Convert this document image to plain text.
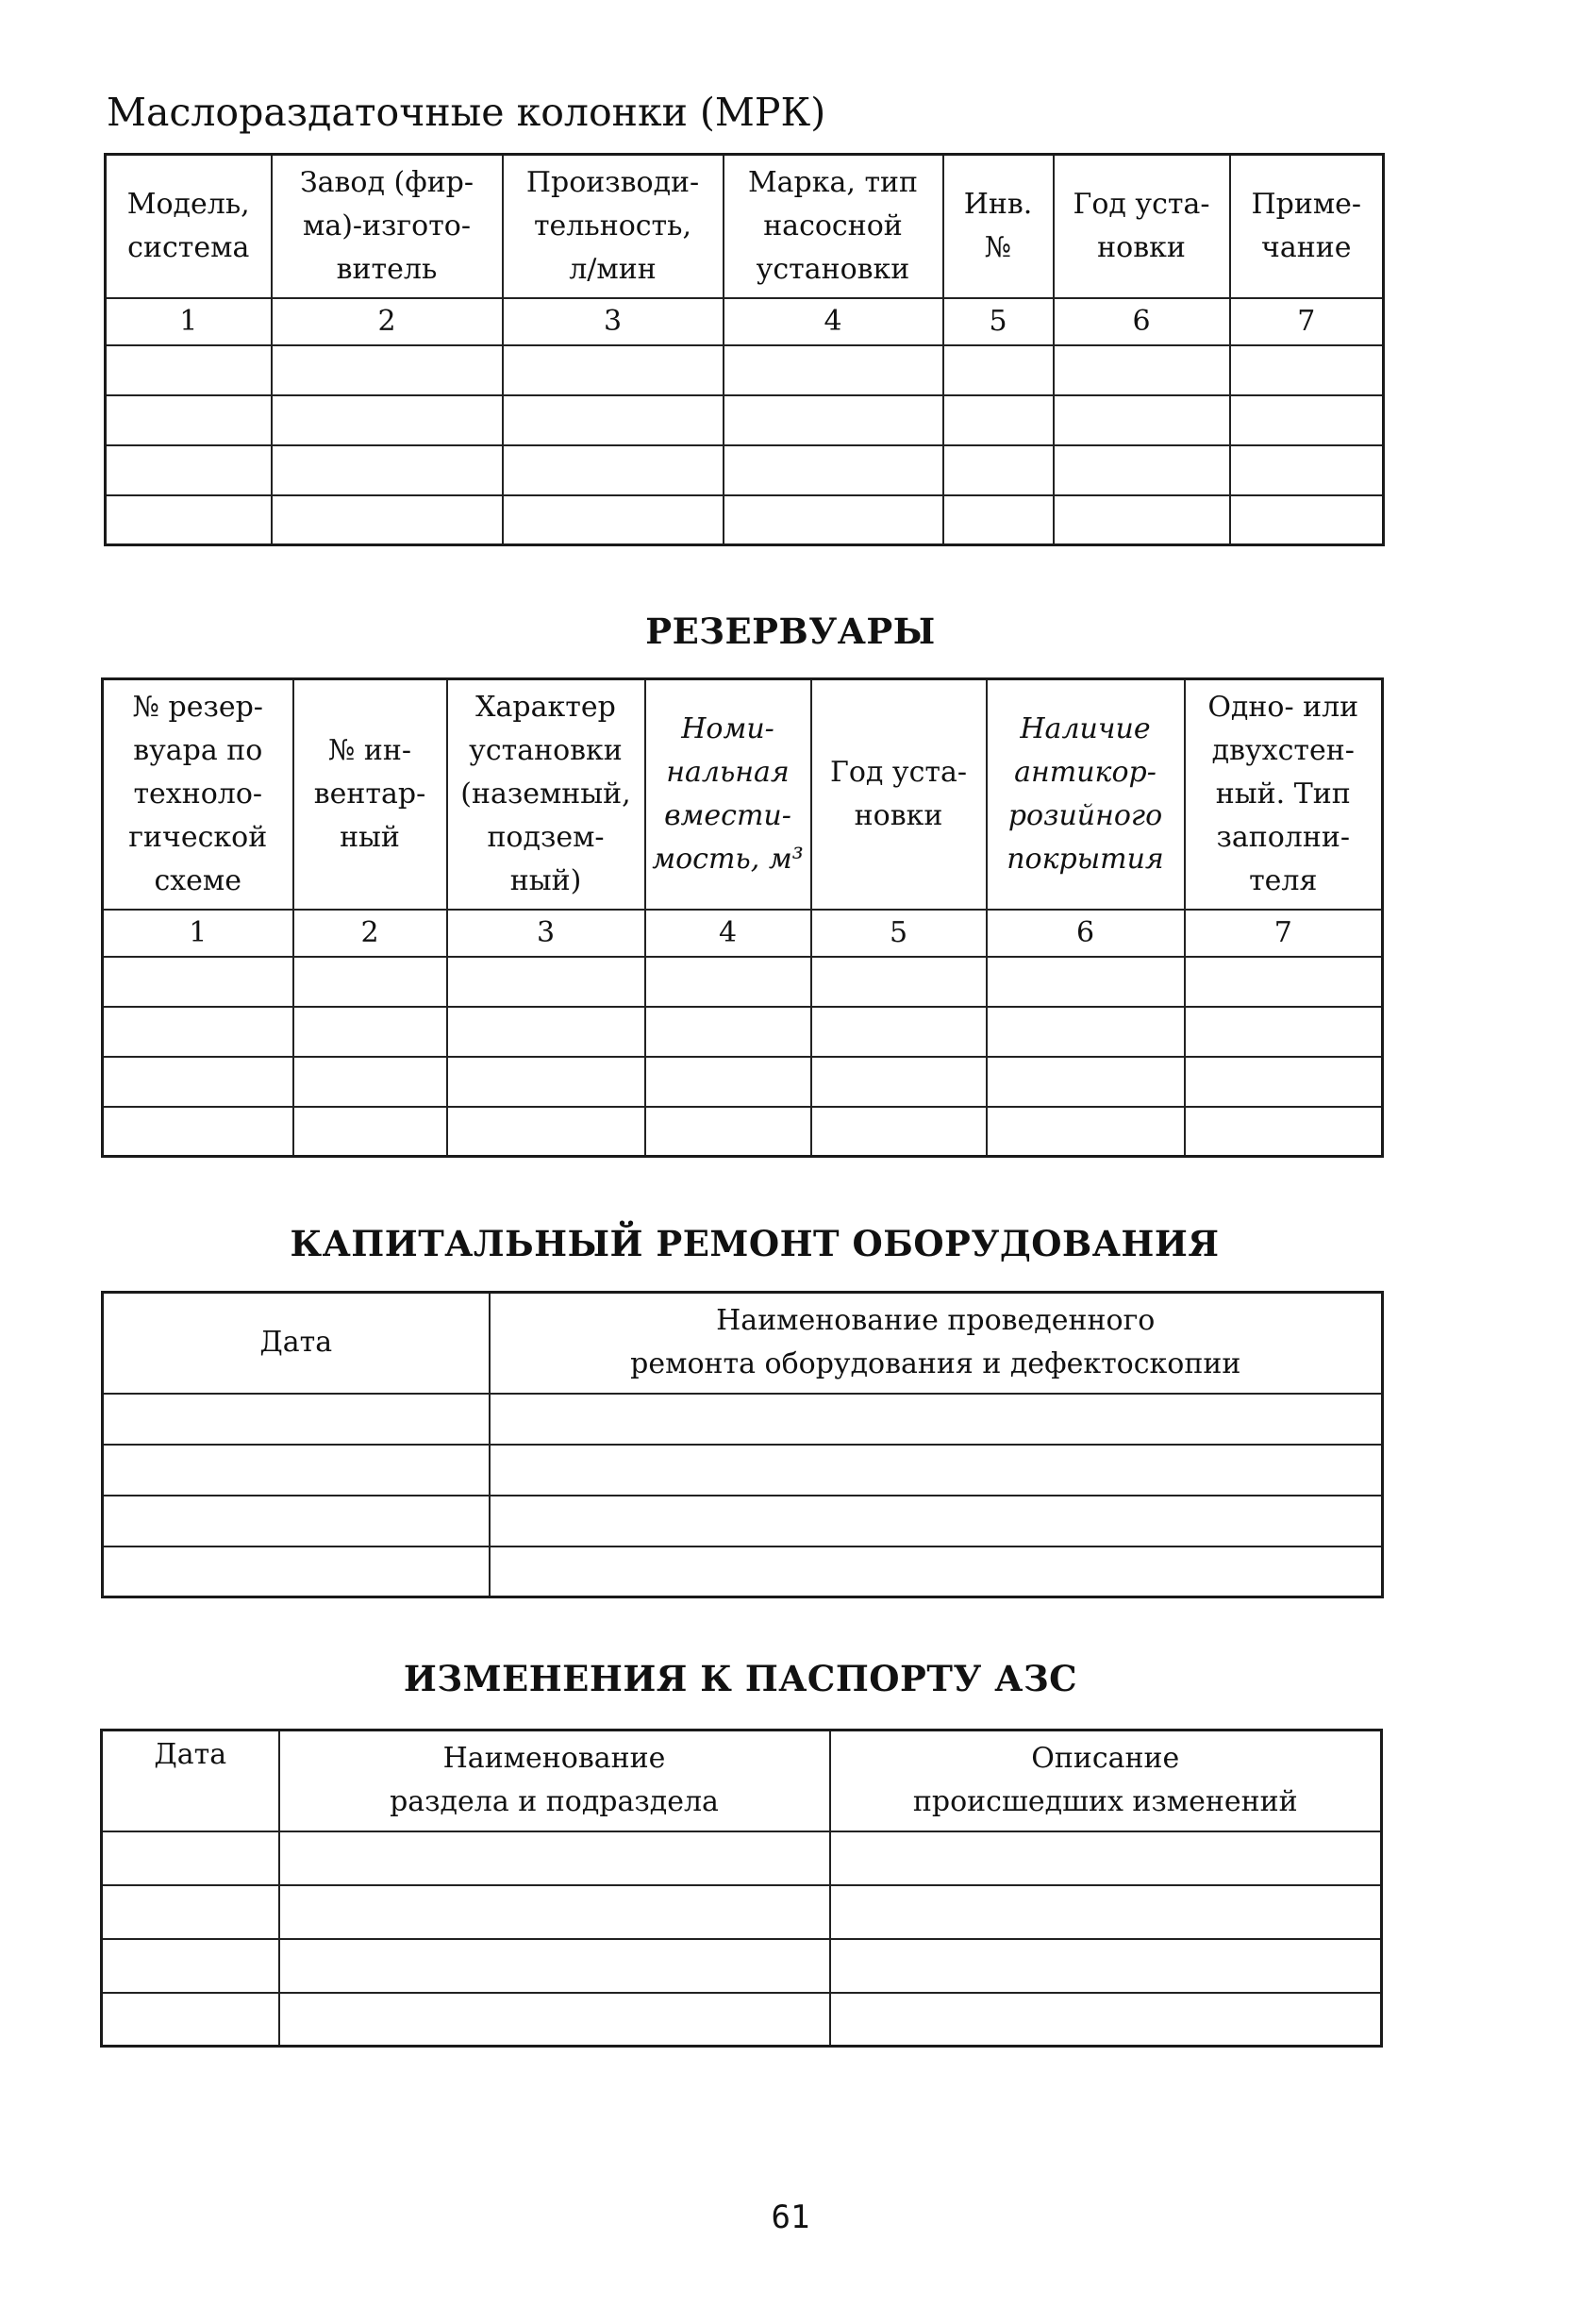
Маслораздаточные колонки (МРК)
Модель,
система	Завод (фир-
ма)-изгото-
витель	Производи-
тельность,
л/мин	Марка, тип
насосной
установки	Инв.
№	Год уста-
новки	Приме-
чание
1	2	3	4	5	6	7

РЕЗЕРВУАРЫ
№ резер-
вуара по
техноло-
гической
схеме	№ ин-
вентар-
ный	Характер
установки
(наземный,
подзем-
ный)	Номи-
нальная
вмести-
мость, м³	Год уста-
новки	Наличие
антикор-
розийного
покрытия	Одно- или
двухстен-
ный. Тип
заполни-
теля
1	2	3	4	5	6	7

КАПИТАЛЬНЫЙ РЕМОНТ ОБОРУДОВАНИЯ
Дата	Наименование проведенного
ремонта оборудования и дефектоскопии

ИЗМЕНЕНИЯ К ПАСПОРТУ АЗС
Дата	Наименование
раздела и подраздела	Описание
происшедших изменений

61
